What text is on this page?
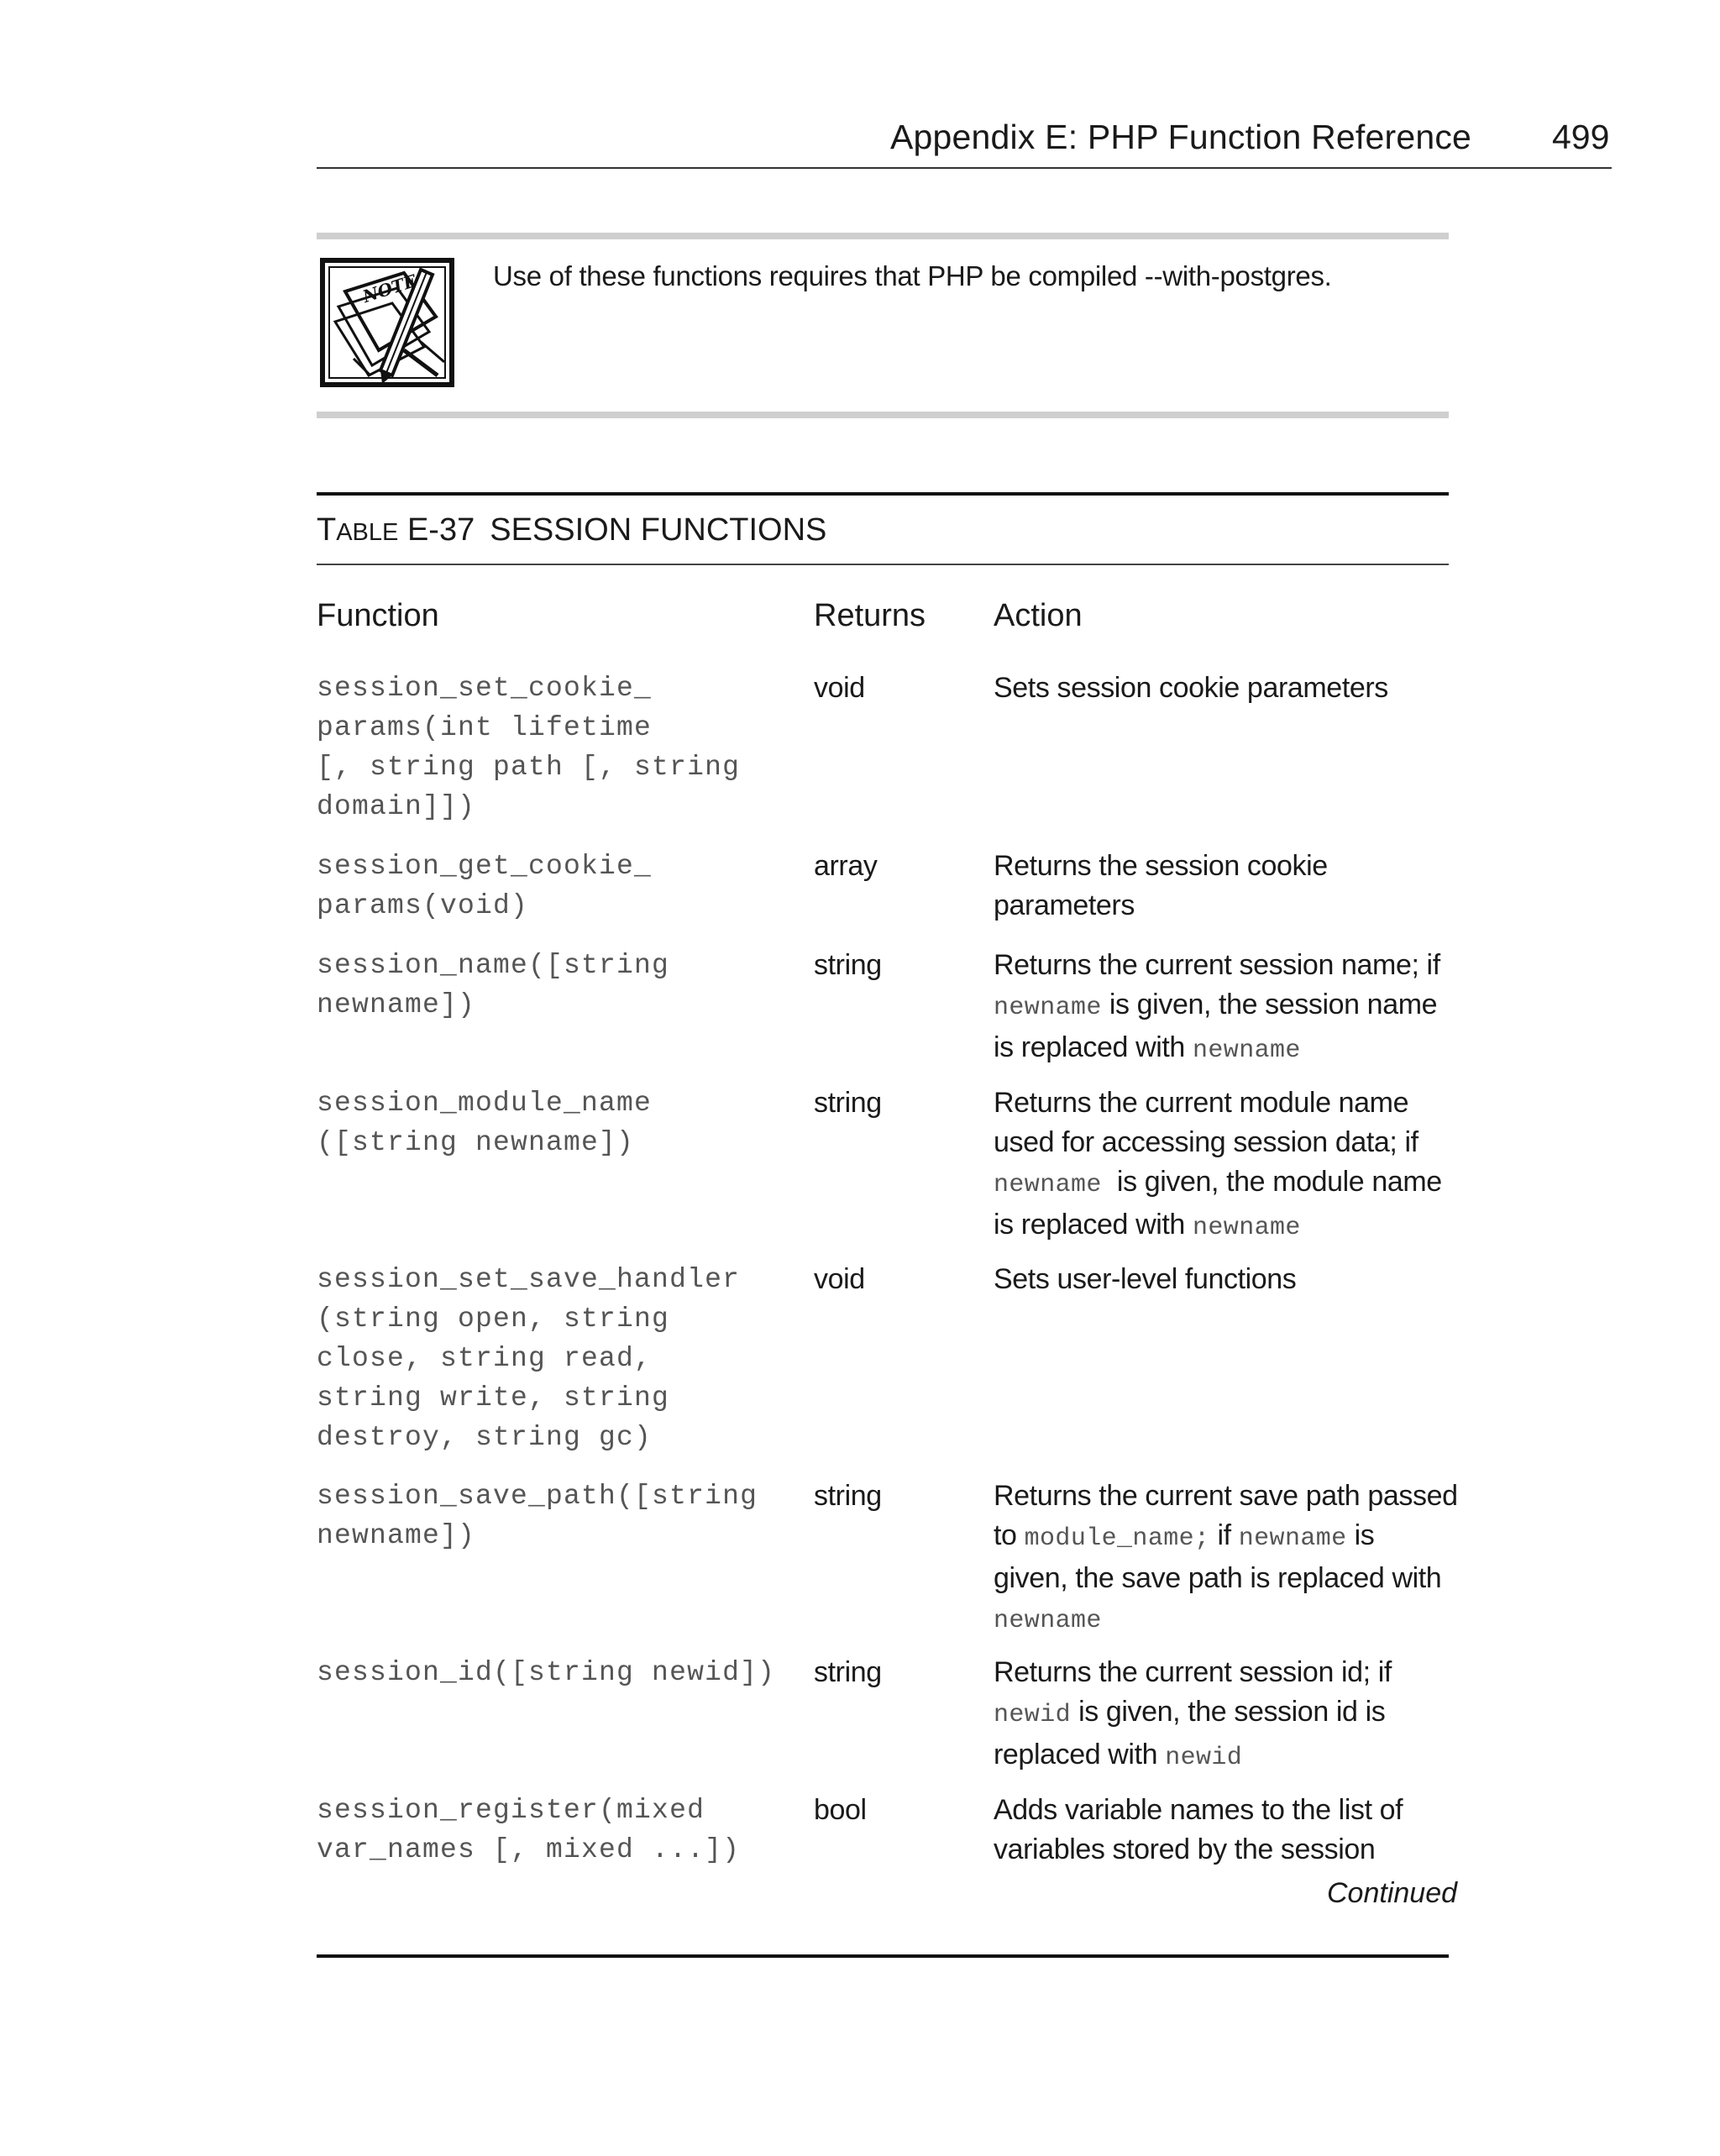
Appendix E: PHP Function Reference 499
NOTE	Use of these functions requires that PHP be compiled --with-postgres.
TABLE E-37 SESSION FUNCTIONS
Function	Returns Action
session_set_cookie_
params(int lifetime
[, string path [, string
domain]])
void	Sets session cookie parameters
session_get_cookie_
params(void)
array	Returns the session cookie
parameters
session_name([string
newname])
string	Returns the current session name; if
newname is given, the session name
is replaced with newname
session_module_name
([string newname])
string	Returns the current module name
used for accessing session data; if
newname is given, the module name
is replaced with newname
session_set_save_handler
(string open, string
close, string read,
string write, string
destroy, string gc)
void	Sets user-level functions
session_save_path([string
newname])
string	Returns the current save path passed
to module_name; if newname is
given, the save path is replaced with
newname
session_id([string newid])	string	Returns the current session id; if
newid is given, the session id is
replaced with newid
session_register(mixed
var_names [, mixed ...])
bool	Adds variable names to the list of
variables stored by the session
Continued
